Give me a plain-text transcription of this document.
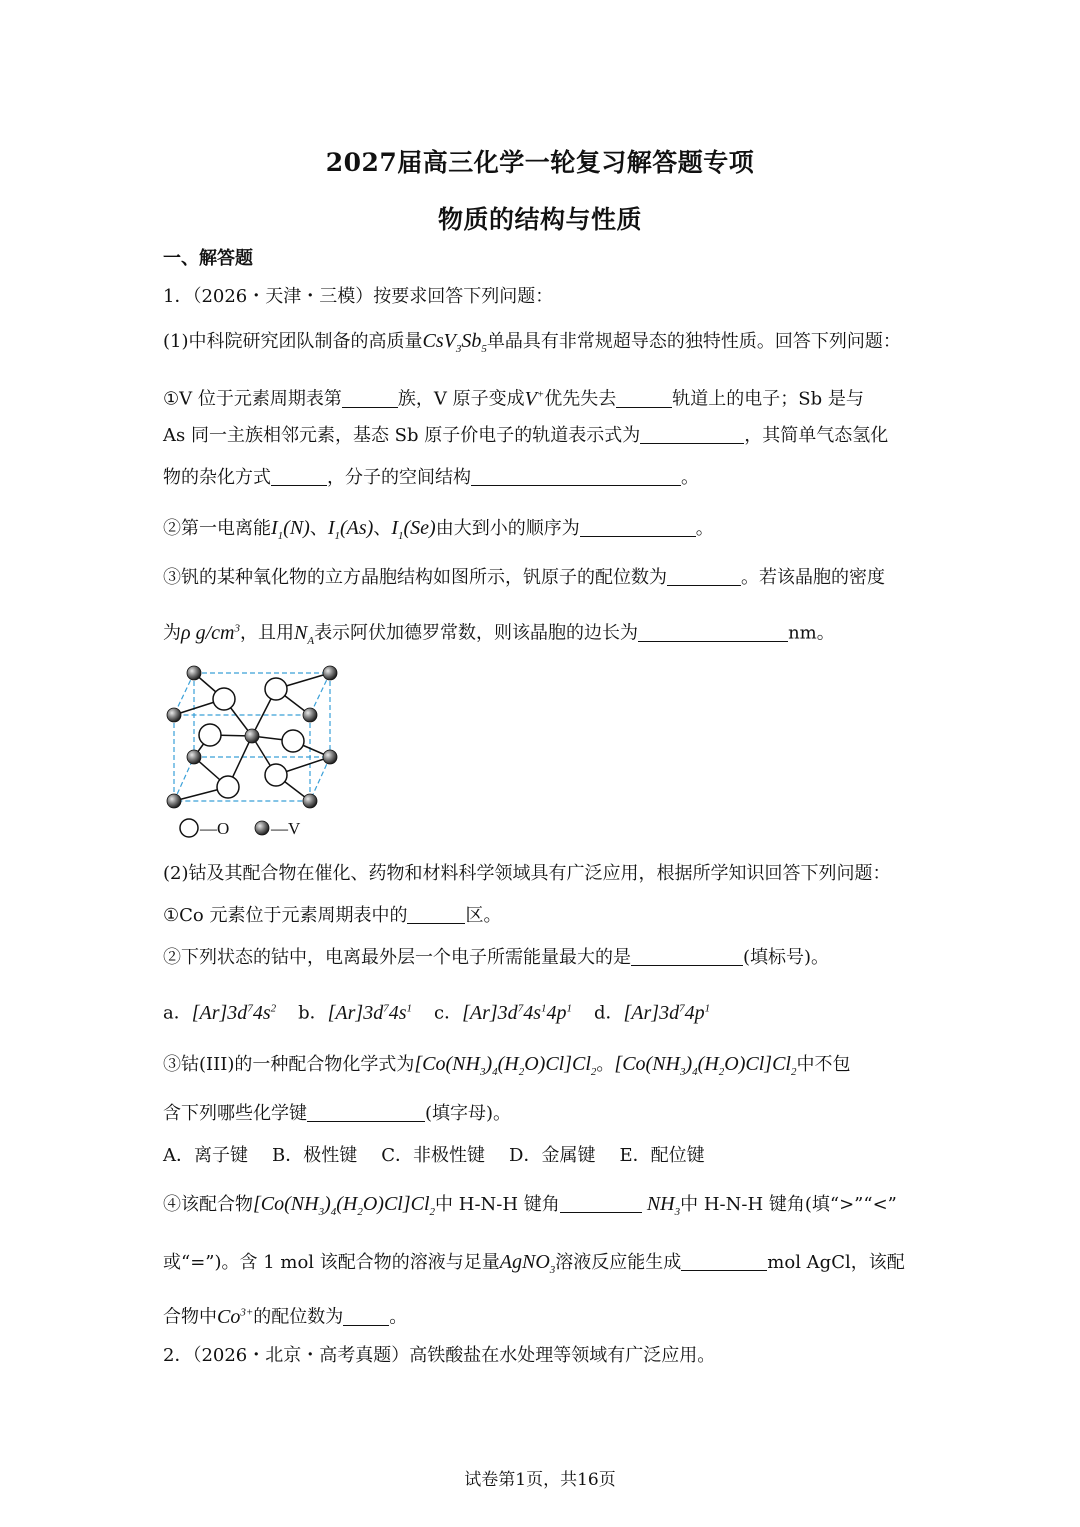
2027届高三化学一轮复习解答题专项
物质的结构与性质
一、解答题
1．（2026・天津・三模）按要求回答下列问题：
(1)中科院研究团队制备的高质量$CsV_3Sb_5$单晶具有非常规超导态的独特性质。回答下列问题：
①V 位于元素周期表第	族，V 原子变成V+优先失去	轨道上的电子；Sb 是与
As 同一主族相邻元素，基态 Sb 原子价电子的轨道表示式为	，其简单气态氢化
物的杂化方式	，分子的空间结构	。
②第一电离能$I_1(N)$、$I_1(As)$、$I_1(Se)$由大到小的顺序为	。
③钒的某种氧化物的立方晶胞结构如图所示，钒原子的配位数为	。若该晶胞的密度
为ρ $g/cm^3$，且用$N_A$表示阿伏加德罗常数，则该晶胞的边长为	nm。
—O —V
(2)钴及其配合物在催化、药物和材料科学领域具有广泛应用，根据所学知识回答下列问题：
①Co 元素位于元素周期表中的	区。
②下列状态的钴中，电离最外层一个电子所需能量最大的是	(填标号)。
a．$[Ar]3d^74s^2$ b．$[Ar]3d^74s^1$ c．$[Ar]3d^74s^14p^1$ d．$[Ar]3d^74p^1$
③钴(III)的一种配合物化学式为$[Co(NH_3)_4(H_2O)Cl]Cl_2$。$[Co(NH_3)_4(H_2O)Cl]Cl_2$中不包
含下列哪些化学键	(填字母)。
A．离子键 B．极性键 C．非极性键 D．金属键 E．配位键
④该配合物$[Co(NH_3)_4(H_2O)Cl]Cl_2$中 H-N-H 键角	$NH_3$中 H-N-H 键角(填“>”“<”
或“=”)。含 1 mol 该配合物的溶液与足量AgNO$_3$溶液反应能生成	mol AgCl，该配
合物中$Co^{3+}$的配位数为	。
2．（2026・北京・高考真题）高铁酸盐在水处理等领域有广泛应用。
试卷第1页，共16页
